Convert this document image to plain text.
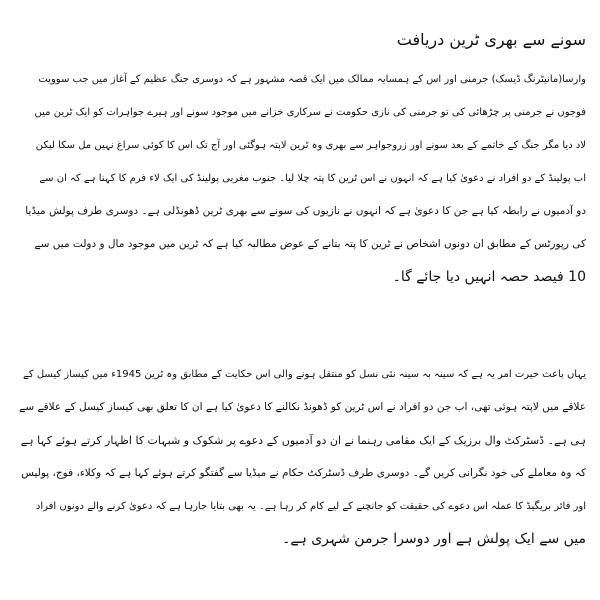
سونے سے بھری ٹرین دریافت
وارسا(مانیٹرنگ ڈیسک) جرمنی اور اس کے ہمسایہ ممالک میں ایک قصہ مشہور ہے کہ دوسری جنگ عظیم کے آغاز میں جب سوویت
فوجوں نے جرمنی پر چڑھائی کی تو جرمنی کی نازی حکومت نے سرکاری خزانے میں موجود سونے اور ہیرے جواہرات کو ایک ٹرین میں
لاد دیا مگر جنگ کے خاتمے کے بعد سونے اور زروجواہر سے بھری وہ ٹرین لاپتہ ہوگئی اور آج تک اس کا کوئی سراغ نہیں مل سکا لیکن
اب پولینڈ کے دو افراد نے دعویٰ کیا ہے کہ انہوں نے اس ٹرین کا پتہ چلا لیا۔ جنوب مغربی پولینڈ کی ایک لاء فرم کا کہنا ہے کہ ان سے
دو آدمیوں نے رابطہ کیا ہے جن کا دعویٰ ہے کہ انہوں نے نازیوں کی سونے سے بھری ٹرین ڈھونڈلی ہے۔ دوسری طرف پولش میڈیا
کی رپورٹس کے مطابق ان دونوں اشخاص نے ٹرین کا پتہ بتانے کے عوض مطالبہ کیا ہے کہ ٹرین میں موجود مال و دولت میں سے
10 فیصد حصہ انہیں دیا جائے گا۔
یہاں باعث حیرت امر یہ ہے کہ سینہ بہ سینہ نئی نسل کو منتقل ہونے والی اس حکایت کے مطابق وہ ٹرین 1945ء میں کیساز کیسل کے
علاقے میں لاپتہ ہوئی تھی، اب جن دو افراد نے اس ٹرین کو ڈھونڈ نکالنے کا دعویٰ کیا ہے ان کا تعلق بھی کیساز کیسل کے علاقے سے
ہی ہے۔ ڈسٹرکٹ وال برزیک کے ایک مقامی رہنما نے ان دو آدمیوں کے دعوے پر شکوک و شبہات کا اظہار کرتے ہوئے کہا ہے
کہ وہ معاملے کی خود نگرانی کریں گے۔ دوسری طرف ڈسٹرکٹ حکام نے میڈیا سے گفتگو کرتے ہوئے کہا ہے کہ وکلاء، فوج، پولیس
اور فائر بریگیڈ کا عملہ اس دعوے کی حقیقت کو جانچنے کے لیے کام کر رہا ہے۔ یہ بھی بتایا جارہا ہے کہ دعویٰ کرنے والے دونوں افراد
میں سے ایک پولش ہے اور دوسرا جرمن شہری ہے۔
